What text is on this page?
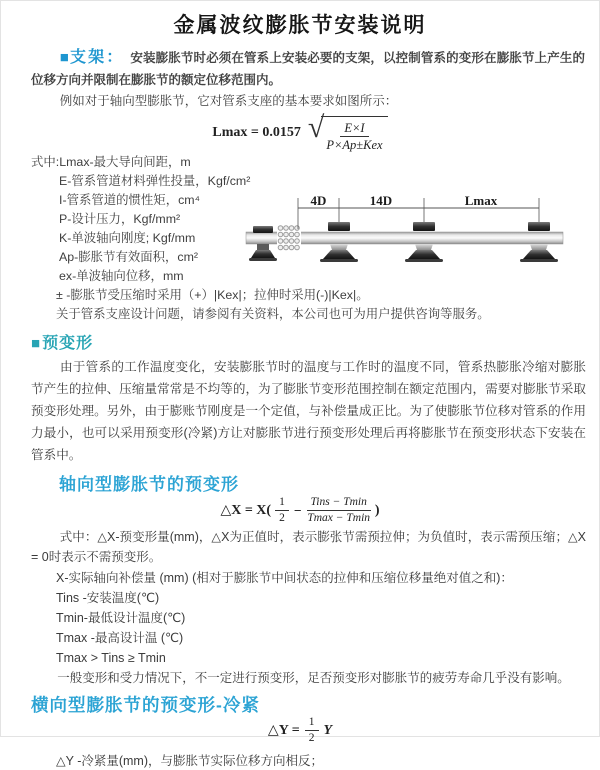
金属波纹膨胀节安装说明

■支架： 安装膨胀节时必须在管系上安装必要的支架，以控制管系的变形在膨胀节上产生的位移方向并限制在膨胀节的额定位移范围内。

例如对于轴向型膨胀节，它对管系支座的基本要求如图所示：

Lmax = 0.0157 √ $\frac{E\times I}{\text{P×Ap±Kex}}$
式中:Lmax-最大导向间距，m
E-管系管道材料弹性投量，Kgf/cm²
I-管系管道的惯性矩，cm⁴
P-设计压力，Kgf/mm²
K-单波轴向刚度; Kgf/mm
Ap-膨胀节有效面积，cm²
ex-单波轴向位移，mm
± -膨胀节受压缩时采用（+）|Kex|；拉伸时采用(-)|Kex|。
关于管系支座设计问题，请参阅有关资料，本公司也可为用户提供咨询等服务。
4D	14D	Lmax
■预变形

由于管系的工作温度变化，安装膨胀节时的温度与工作时的温度不同，管系热膨胀冷缩对膨胀节产生的拉伸、压缩量常常是不均等的，为了膨胀节变形范围控制在额定范围内，需要对膨胀节采取预变形处理。另外，由于膨账节刚度是一个定值，与补偿量成正比。为了使膨胀节位移对管系的作用力最小，也可以采用预变形(冷紧)方让对膨胀节进行预变形处理后再将膨胀节在预变形状态下安装在管系中。

轴向型膨胀节的预变形
△X = $X( \frac{1}{2} - \frac{\text{Tins − Tmin}}{Tmax - Tmin}$ )

式中：△X-预变形量(mm)，△X为正值时，表示膨张节需预拉伸；为负值时，表示需预压缩；△X = 0时表示不需预变形。

X-实际轴向补偿量 (mm) (相对于膨胀节中间状态的拉伸和压缩位移量绝对值之和)：
Tins -安装温度(℃)
Tmin-最低设计温度(℃)
Tmax -最高设计温 (℃)
Tmax > Tins ≥ Tmin

一般变形和受力情况下，不一定进行预变形，足否预变形对膨胀节的疲劳寿命几乎没有影响。

横向型膨胀节的预变形-冷紧
△Y = $\frac{1}{2}$ Y

△Y -冷紧量(mm)，与膨胀节实际位移方向相反；
